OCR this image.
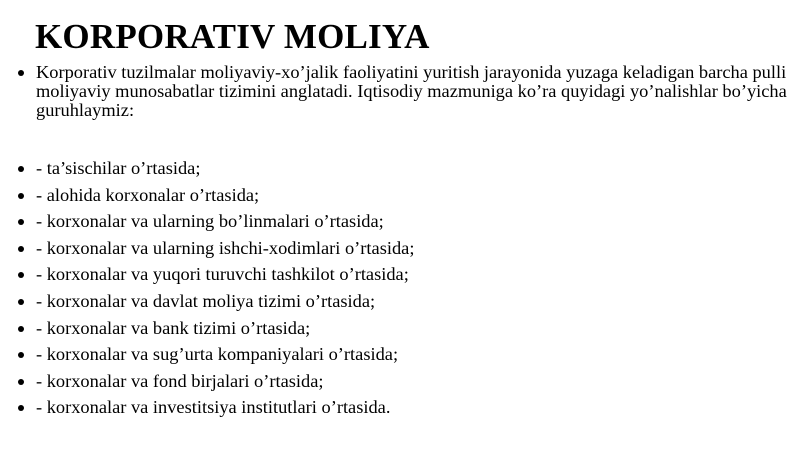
KORPORATIV MOLIYA
Korporativ tuzilmalar moliyaviy-xo’jalik faoliyatini yuritish jarayonida yuzaga keladigan barcha pulli moliyaviy munosabatlar tizimini anglatadi. Iqtisodiy mazmuniga ko’ra quyidagi yo’nalishlar bo’yicha guruhlaymiz:
- ta’sischilar o’rtasida;
- alohida korxonalar o’rtasida;
- korxonalar va ularning bo’linmalari o’rtasida;
- korxonalar va ularning ishchi-xodimlari o’rtasida;
- korxonalar va yuqori turuvchi tashkilot o’rtasida;
- korxonalar va davlat moliya tizimi o’rtasida;
- korxonalar va bank tizimi o’rtasida;
- korxonalar va sug’urta kompaniyalari o’rtasida;
- korxonalar va fond birjalari o’rtasida;
- korxonalar va investitsiya institutlari o’rtasida.
